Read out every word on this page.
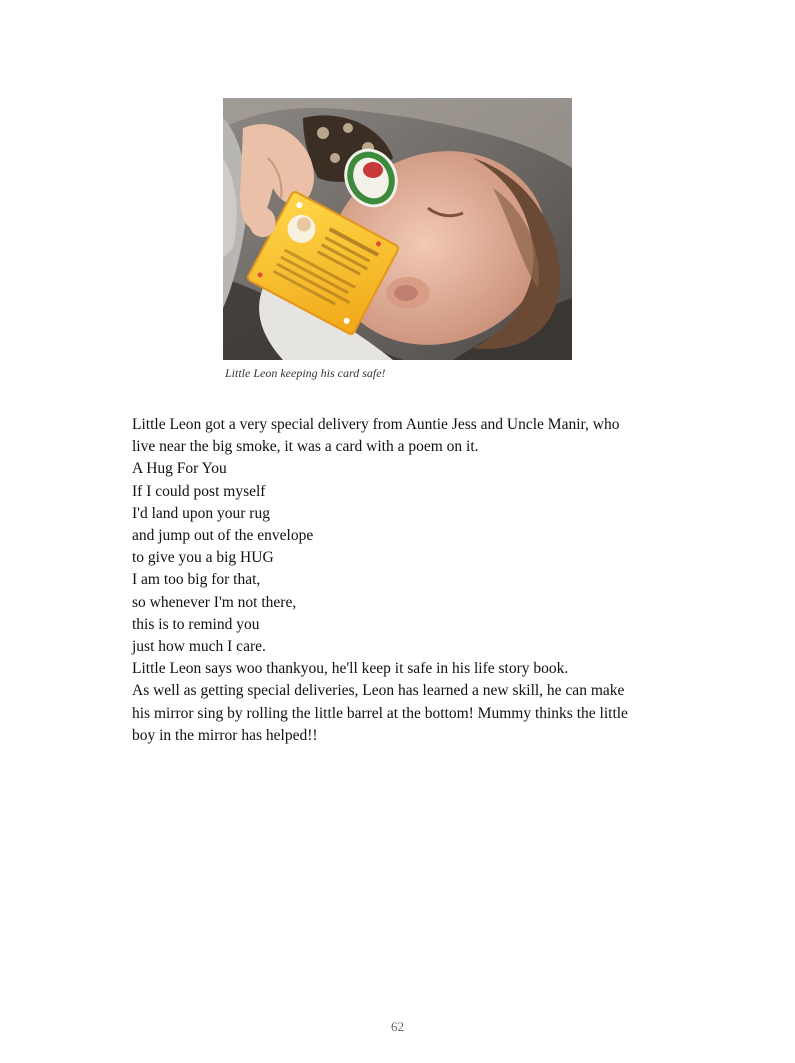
Little Leon keeping his card safe!
Little Leon got a very special delivery from Auntie Jess and Uncle Manir, who
live near the big smoke, it was a card with a poem on it.
A Hug For You
If I could post myself
I'd land upon your rug
and jump out of the envelope
to give you a big HUG
I am too big for that,
so whenever I'm not there,
this is to remind you
just how much I care.
Little Leon says woo thankyou, he'll keep it safe in his life story book.
As well as getting special deliveries, Leon has learned a new skill, he can make
his mirror sing by rolling the little barrel at the bottom! Mummy thinks the little
boy in the mirror has helped!!
62
